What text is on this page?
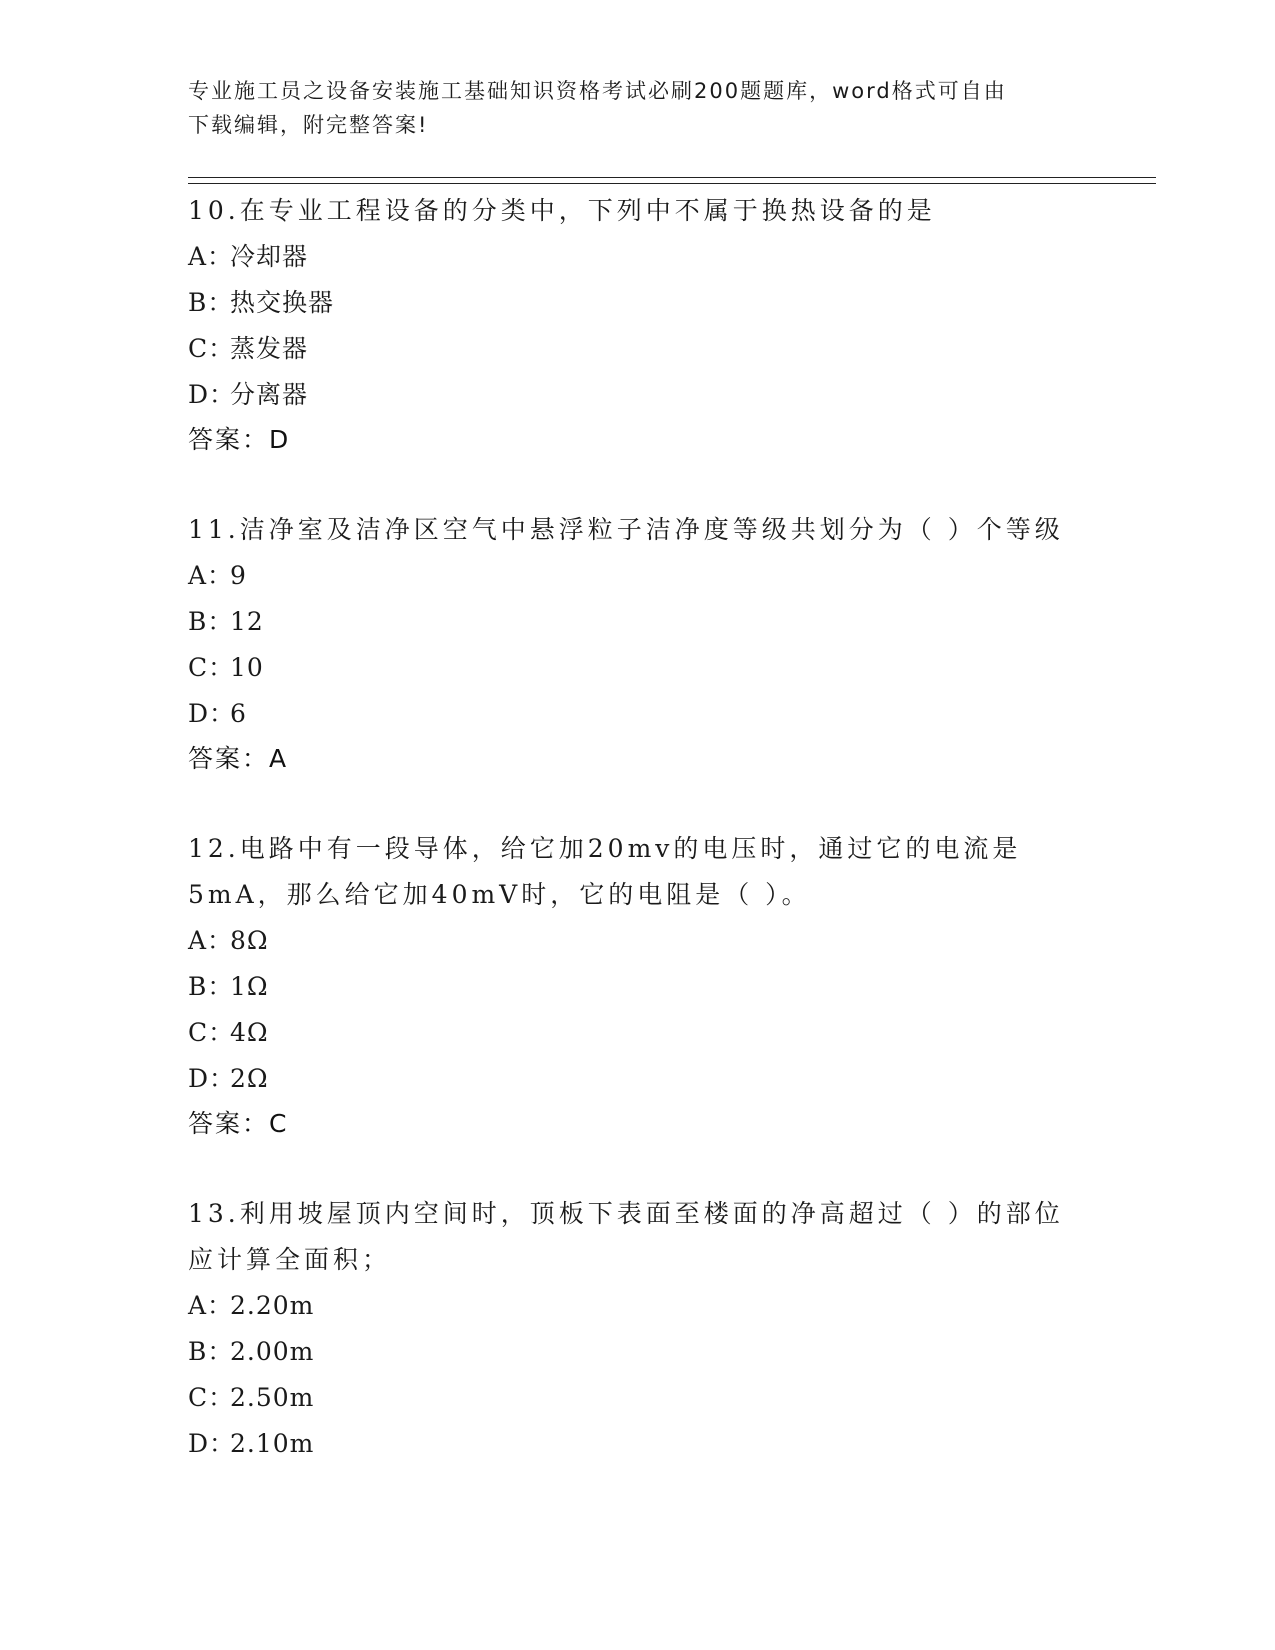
专业施工员之设备安装施工基础知识资格考试必刷200题题库，word格式可自由
下载编辑，附完整答案!
10.在专业工程设备的分类中，下列中不属于换热设备的是
A：冷却器
B：热交换器
C：蒸发器
D：分离器
答案：D
11.洁净室及洁净区空气中悬浮粒子洁净度等级共划分为（ ）个等级
A：9
B：12
C：10
D：6
答案：A
12.电路中有一段导体，给它加20mv的电压时，通过它的电流是5mA，那么给它加40mV时，它的电阻是（ ）。
A：8Ω
B：1Ω
C：4Ω
D：2Ω
答案：C
13.利用坡屋顶内空间时，顶板下表面至楼面的净高超过（ ）的部位应计算全面积；
A：2.20m
B：2.00m
C：2.50m
D：2.10m
